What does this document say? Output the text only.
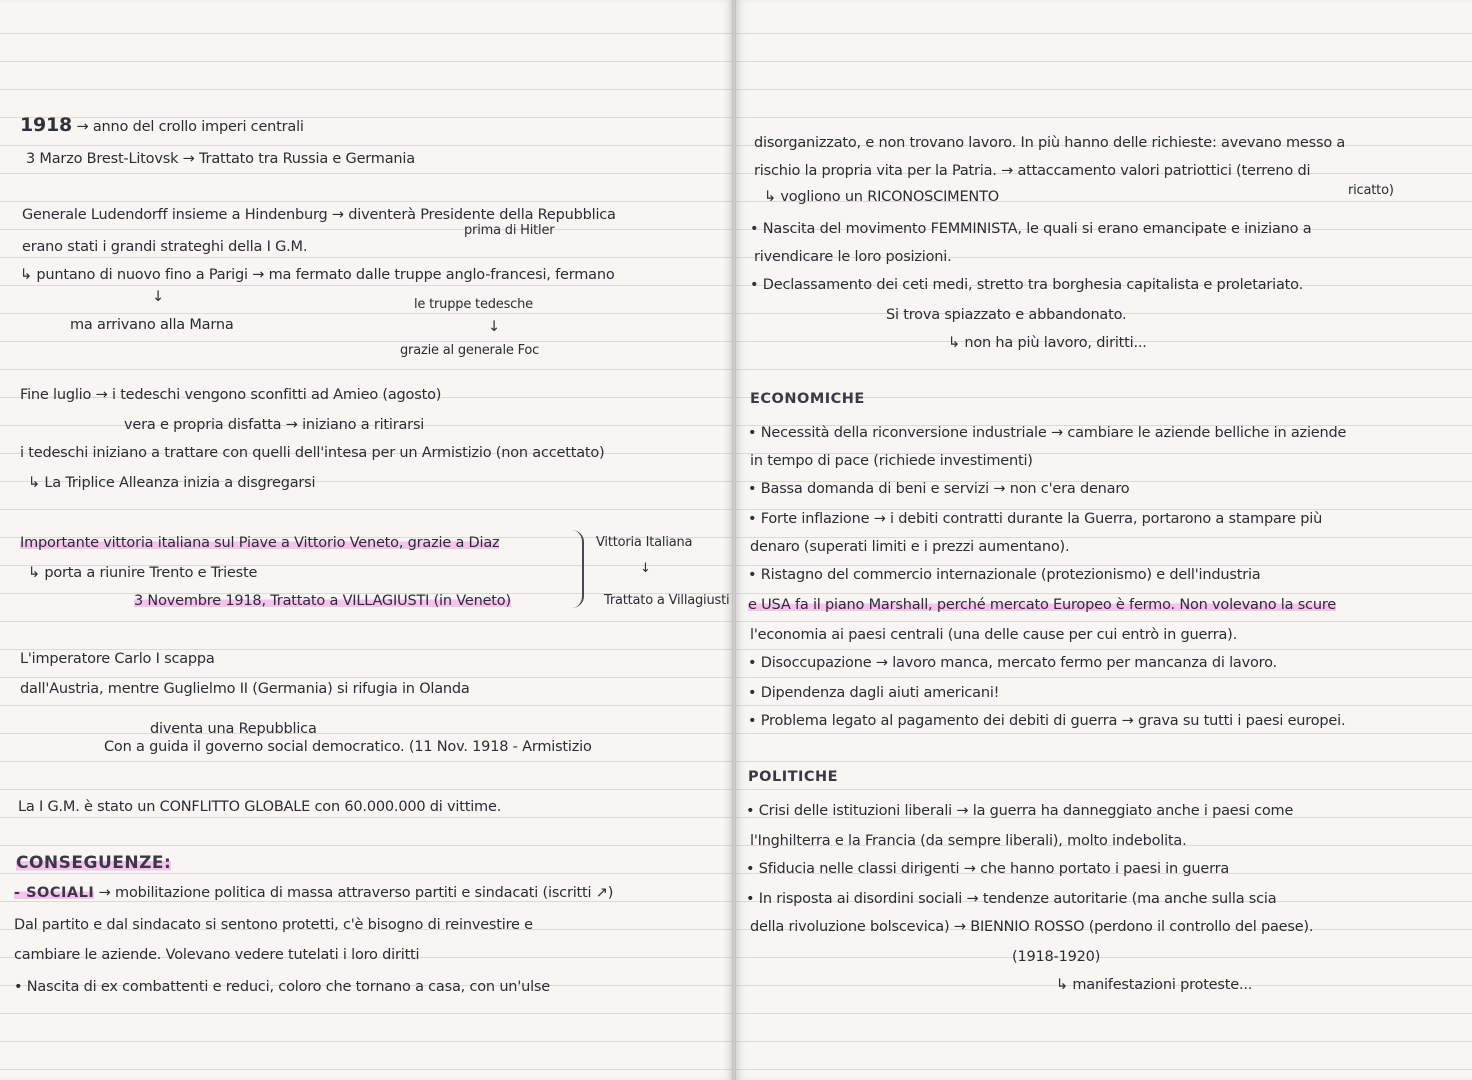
1918 → anno del crollo imperi centrali
3 Marzo Brest-Litovsk → Trattato tra Russia e Germania
Generale Ludendorff insieme a Hindenburg → diventerà Presidente della Repubblica
prima di Hitler
erano stati i grandi strateghi della I G.M.
↳ puntano di nuovo fino a Parigi → ma fermato dalle truppe anglo-francesi, fermano
↓
ma arrivano alla Marna
le truppe tedesche
↓
grazie al generale Foc
Fine luglio → i tedeschi vengono sconfitti ad Amieo (agosto)
vera e propria disfatta → iniziano a ritirarsi
i tedeschi iniziano a trattare con quelli dell'intesa per un Armistizio (non accettato)
↳ La Triplice Alleanza inizia a disgregarsi
Importante vittoria italiana sul Piave a Vittorio Veneto, grazie a Diaz
↳ porta a riunire Trento e Trieste
3 Novembre 1918, Trattato a VILLAGIUSTI (in Veneto)
Vittoria Italiana
↓
Trattato a Villagiusti
L'imperatore Carlo I scappa
dall'Austria, mentre Guglielmo II (Germania) si rifugia in Olanda
diventa una Repubblica
Con a guida il governo social democratico. (11 Nov. 1918 - Armistizio
La I G.M. è stato un CONFLITTO GLOBALE con 60.000.000 di vittime.
CONSEGUENZE:
- SOCIALI → mobilitazione politica di massa attraverso partiti e sindacati (iscritti ↗)
Dal partito e dal sindacato si sentono protetti, c'è bisogno di reinvestire e
cambiare le aziende. Volevano vedere tutelati i loro diritti
• Nascita di ex combattenti e reduci, coloro che tornano a casa, con un'ulse
disorganizzato, e non trovano lavoro. In più hanno delle richieste: avevano messo a
rischio la propria vita per la Patria. → attaccamento valori patriottici (terreno di
ricatto)
↳ vogliono un RICONOSCIMENTO
• Nascita del movimento FEMMINISTA, le quali si erano emancipate e iniziano a
rivendicare le loro posizioni.
• Declassamento dei ceti medi, stretto tra borghesia capitalista e proletariato.
Si trova spiazzato e abbandonato.
↳ non ha più lavoro, diritti...
ECONOMICHE
• Necessità della riconversione industriale → cambiare le aziende belliche in aziende
in tempo di pace (richiede investimenti)
• Bassa domanda di beni e servizi → non c'era denaro
• Forte inflazione → i debiti contratti durante la Guerra, portarono a stampare più
denaro (superati limiti e i prezzi aumentano).
• Ristagno del commercio internazionale (protezionismo) e dell'industria
e USA fa il piano Marshall, perché mercato Europeo è fermo. Non volevano la scure
l'economia ai paesi centrali (una delle cause per cui entrò in guerra).
• Disoccupazione → lavoro manca, mercato fermo per mancanza di lavoro.
• Dipendenza dagli aiuti americani!
• Problema legato al pagamento dei debiti di guerra → grava su tutti i paesi europei.
POLITICHE
• Crisi delle istituzioni liberali → la guerra ha danneggiato anche i paesi come
l'Inghilterra e la Francia (da sempre liberali), molto indebolita.
• Sfiducia nelle classi dirigenti → che hanno portato i paesi in guerra
• In risposta ai disordini sociali → tendenze autoritarie (ma anche sulla scia
della rivoluzione bolscevica) → BIENNIO ROSSO (perdono il controllo del paese).
(1918-1920)
↳ manifestazioni proteste...
